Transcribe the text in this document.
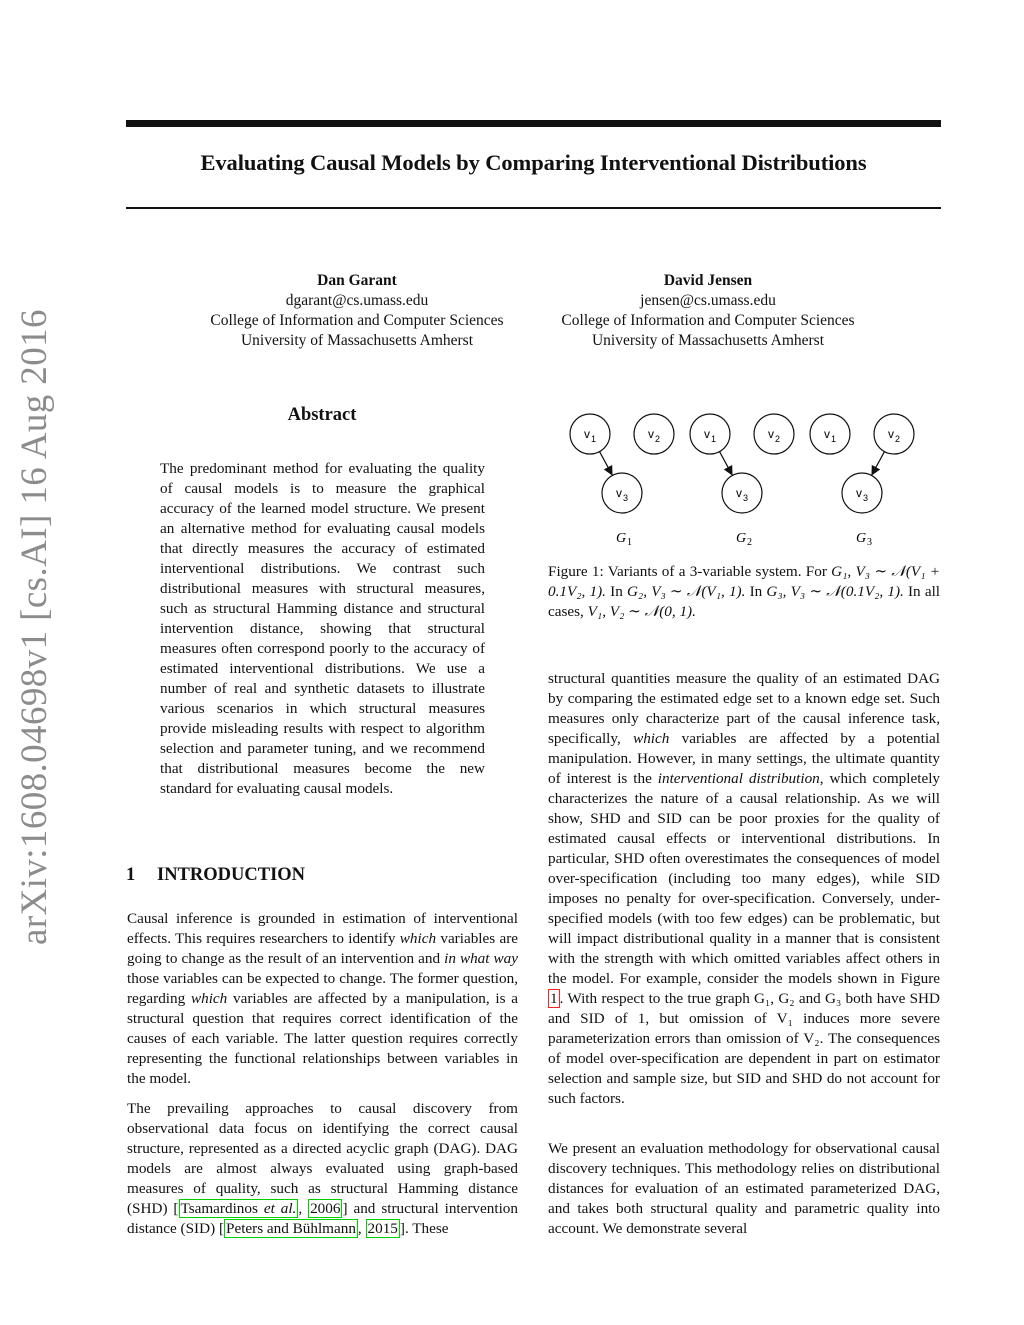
arXiv:1608.04698v1 [cs.AI] 16 Aug 2016
Evaluating Causal Models by Comparing Interventional Distributions
Dan Garant
dgarant@cs.umass.edu
College of Information and Computer Sciences
University of Massachusetts Amherst
David Jensen
jensen@cs.umass.edu
College of Information and Computer Sciences
University of Massachusetts Amherst
Abstract
The predominant method for evaluating the quality of causal models is to measure the graphical accuracy of the learned model structure. We present an alternative method for evaluating causal models that directly measures the accuracy of estimated interventional distributions. We contrast such distributional measures with structural measures, such as structural Hamming distance and structural intervention distance, showing that structural measures often correspond poorly to the accuracy of estimated interventional distributions. We use a number of real and synthetic datasets to illustrate various scenarios in which structural measures provide misleading results with respect to algorithm selection and parameter tuning, and we recommend that distributional measures become the new standard for evaluating causal models.
1 INTRODUCTION
Causal inference is grounded in estimation of interventional effects. This requires researchers to identify which variables are going to change as the result of an intervention and in what way those variables can be expected to change. The former question, regarding which variables are affected by a manipulation, is a structural question that requires correct identification of the causes of each variable. The latter question requires correctly representing the functional relationships between variables in the model.
The prevailing approaches to causal discovery from observational data focus on identifying the correct causal structure, represented as a directed acyclic graph (DAG). DAG models are almost always evaluated using graph-based measures of quality, such as structural Hamming distance (SHD) [ Tsamardinos et al. , 2006 ] and structural intervention distance (SID) [ Peters and Bühlmann , 2015 ]. These
v 1	v 2
v 3
G 1
v 1	v 2
v 3
G 2
v 1	v 2
v 3
G 3
Figure 1: Variants of a 3-variable system. For G₁, V₃ ∼ 𝒩(V₁ + 0.1V₂, 1). In G₂, V₃ ∼ 𝒩(V₁, 1). In G₃, V₃ ∼ 𝒩(0.1V₂, 1). In all cases, V₁, V₂ ∼ 𝒩(0, 1).
structural quantities measure the quality of an estimated DAG by comparing the estimated edge set to a known edge set. Such measures only characterize part of the causal inference task, specifically, which variables are affected by a potential manipulation. However, in many settings, the ultimate quantity of interest is the interventional distribution, which completely characterizes the nature of a causal relationship. As we will show, SHD and SID can be poor proxies for the quality of estimated causal effects or interventional distributions. In particular, SHD often overestimates the consequences of model over-specification (including too many edges), while SID imposes no penalty for over-specification. Conversely, under-specified models (with too few edges) can be problematic, but will impact distributional quality in a manner that is consistent with the strength with which omitted variables affect others in the model. For example, consider the models shown in Figure 1 . With respect to the true graph G₁, G₂ and G₃ both have SHD and SID of 1, but omission of V₁ induces more severe parameterization errors than omission of V₂. The consequences of model over-specification are dependent in part on estimator selection and sample size, but SID and SHD do not account for such factors.
We present an evaluation methodology for observational causal discovery techniques. This methodology relies on distributional distances for evaluation of an estimated parameterized DAG, and takes both structural quality and parametric quality into account. We demonstrate several
